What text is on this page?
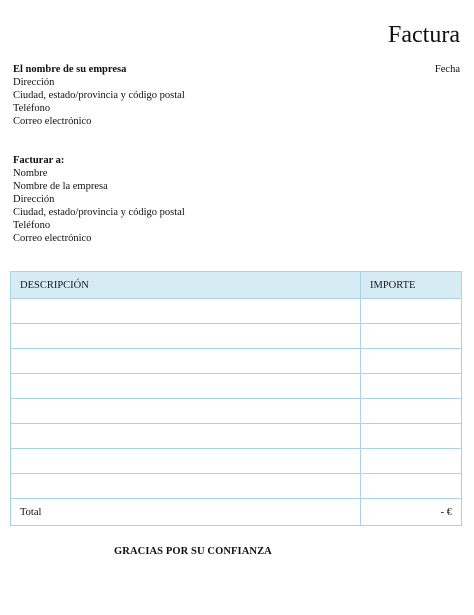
Factura
Fecha
El nombre de su empresa
Dirección
Ciudad, estado/provincia y código postal
Teléfono
Correo electrónico
Facturar a:
Nombre
Nombre de la empresa
Dirección
Ciudad, estado/provincia y código postal
Teléfono
Correo electrónico
DESCRIPCIÓN	IMPORTE

Total	- €
GRACIAS POR SU CONFIANZA
